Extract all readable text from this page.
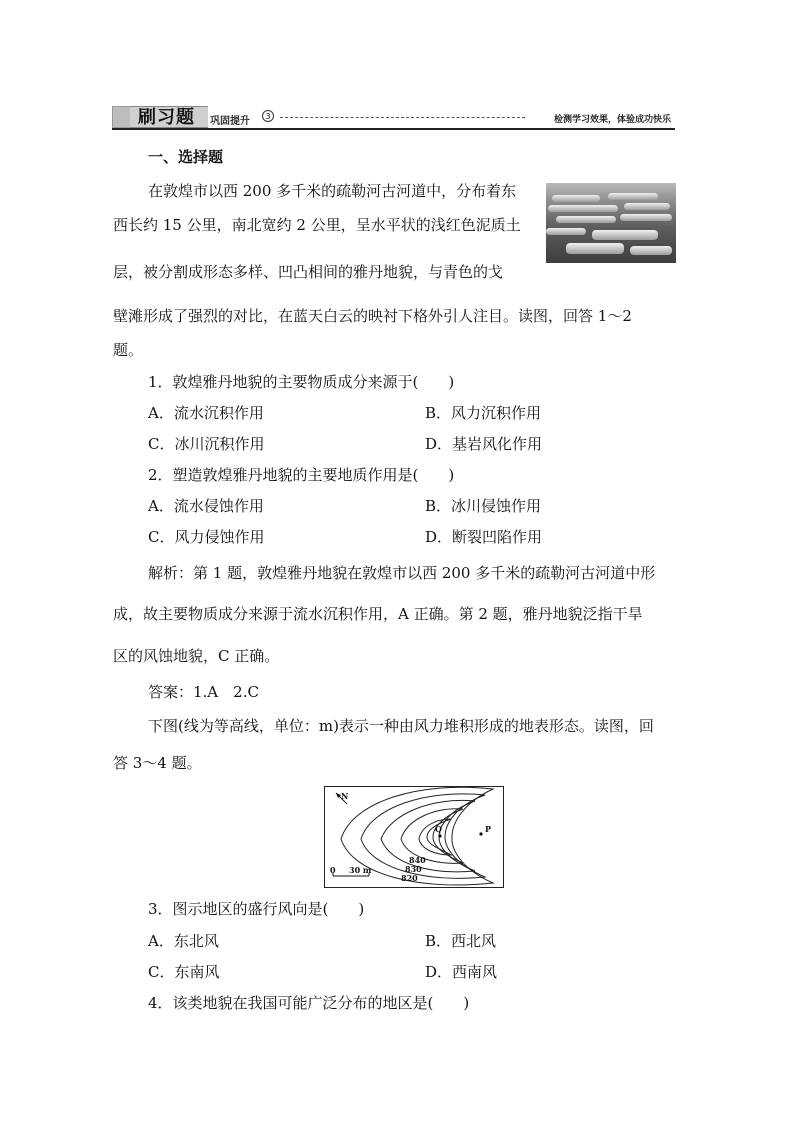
刷习题	巩固提升	3	检测学习效果，体验成功快乐
一、选择题
在敦煌市以西 200 多千米的疏勒河古河道中，分布着东
西长约 15 公里，南北宽约 2 公里，呈水平状的浅红色泥质土
层，被分割成形态多样、凹凸相间的雅丹地貌，与青色的戈
壁滩形成了强烈的对比，在蓝天白云的映衬下格外引人注目。读图，回答 1～2
题。
1．敦煌雅丹地貌的主要物质成分来源于(　　)
A．流水沉积作用	B．风力沉积作用
C．冰川沉积作用	D．基岩风化作用
2．塑造敦煌雅丹地貌的主要地质作用是(　　)
A．流水侵蚀作用	B．冰川侵蚀作用
C．风力侵蚀作用	D．断裂凹陷作用
解析：第 1 题，敦煌雅丹地貌在敦煌市以西 200 多千米的疏勒河古河道中形
成，故主要物质成分来源于流水沉积作用，A 正确。第 2 题，雅丹地貌泛指干旱
区的风蚀地貌，C 正确。
答案：1.A　2.C
下图(线为等高线，单位：m)表示一种由风力堆积形成的地表形态。读图，回
答 3～4 题。
N
Q	P
840
830
820
0 30 m
3．图示地区的盛行风向是(　　)
A．东北风	B．西北风
C．东南风	D．西南风
4．该类地貌在我国可能广泛分布的地区是(　　)
